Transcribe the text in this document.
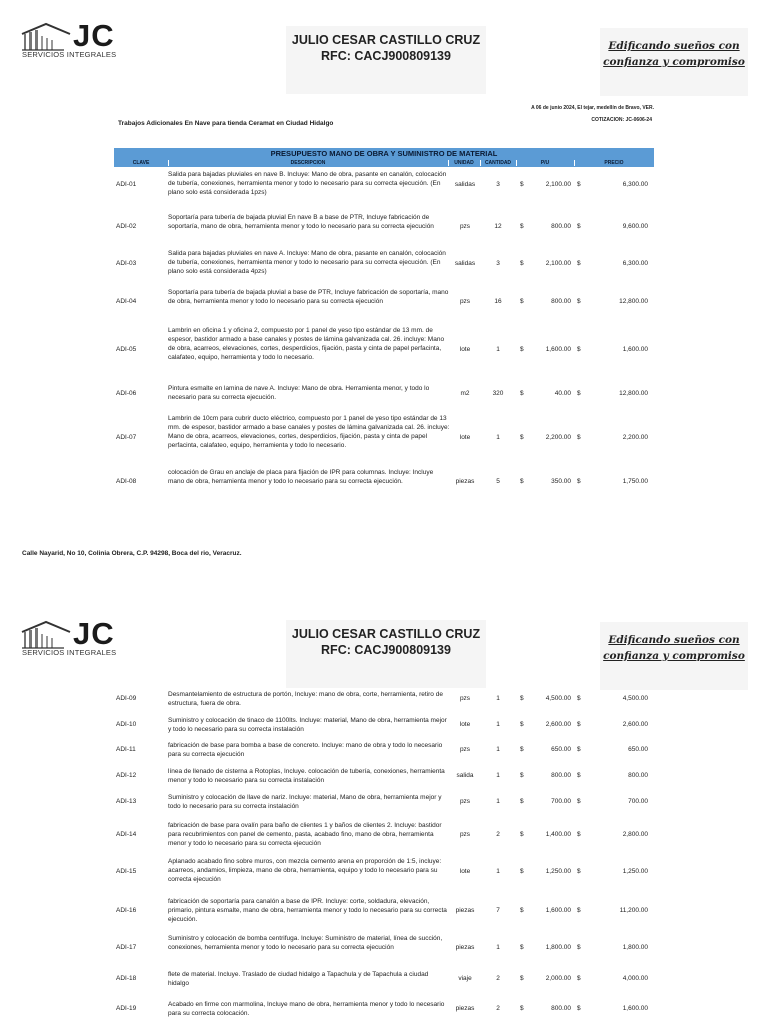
JC
SERVICIOS INTEGRALES
JULIO CESAR CASTILLO CRUZ
RFC: CACJ900809139
Edificando sueños con
confianza y compromiso
A 06 de junio 2024, El tejar, medellín de Bravo, VER.
COTIZACION: JC-0606-24
Trabajos Adicionales En Nave para tienda Ceramat en Ciudad Hidalgo
PRESUPUESTO MANO DE OBRA Y SUMINISTRO DE MATERIAL
CLAVE	DESCRIPCION	UNIDAD	CANTIDAD	P/U	PRECIO
ADI-01
Salida para bajadas pluviales en nave B. Incluye: Mano de obra, pasante en canalón, colocación de tubería, conexiones, herramienta menor y todo lo necesario para su correcta ejecución. (En plano solo está considerada 1pzs)
salidas	3	$	2,100.00 $	6,300.00
ADI-02
Soportaría para tubería de bajada pluvial En nave B a base de PTR, Incluye fabricación de soportaría, mano de obra, herramienta menor y todo lo necesario para su correcta ejecución	pzs	12	$	800.00 $	9,600.00
ADI-03
Salida para bajadas pluviales en nave A. Incluye: Mano de obra, pasante en canalón, colocación de tubería, conexiones, herramienta menor y todo lo necesario para su correcta ejecución. (En plano solo está considerada 4pzs)
salidas	3	$	2,100.00 $	6,300.00
ADI-04
Soportaría para tubería de bajada pluvial a base de PTR, Incluye fabricación de soportaría, mano de obra, herramienta menor y todo lo necesario para su correcta ejecución	pzs	16	$	800.00 $	12,800.00
ADI-05
Lambrin en oficina 1 y oficina 2, compuesto por 1 panel de yeso tipo estándar de 13 mm. de espesor, bastidor armado a base canales y postes de lámina galvanizada cal. 26. incluye: Mano de obra, acarreos, elevaciones, cortes, desperdicios, fijación, pasta y cinta de papel perfacinta, calafateo, equipo, herramienta y todo lo necesario.
lote	1	$	1,600.00 $	1,600.00
ADI-06
Pintura esmalte en lamina de nave A. Incluye: Mano de obra. Herramienta menor, y todo lo necesario para su correcta ejecución.
m2	320	$	40.00 $	12,800.00
ADI-07
Lambrin de 10cm para cubrir ducto eléctrico, compuesto por 1 panel de yeso tipo estándar de 13 mm. de espesor, bastidor armado a base canales y postes de lámina galvanizada cal. 26. incluye: Mano de obra, acarreos, elevaciones, cortes, desperdicios, fijación, pasta y cinta de papel perfacinta, calafateo, equipo, herramienta y todo lo necesario.
lote	1	$	2,200.00 $	2,200.00
ADI-08
colocación de Grau en anclaje de placa para fijación de IPR para columnas. Incluye: Incluye mano de obra, herramienta menor y todo lo necesario para su correcta ejecución.	piezas	5	$	350.00 $	1,750.00
Calle Nayarid, No 10, Colinia Obrera, C.P. 94298, Boca del rio, Veracruz.
JC
SERVICIOS INTEGRALES
JULIO CESAR CASTILLO CRUZ
RFC: CACJ900809139
Edificando sueños con
confianza y compromiso
ADI-09
Desmantelamiento de estructura de portón, Incluye: mano de obra, corte, herramienta, retiro de estructura, fuera de obra.
pzs	1	$	4,500.00 $	4,500.00
ADI-10
Suministro y colocación de tinaco de 1100lts. Incluye: material, Mano de obra, herramienta mejor y todo lo necesario para su correcta instalación
lote	1	$	2,600.00 $	2,600.00
ADI-11
fabricación de base para bomba a base de concreto. Incluye: mano de obra y todo lo necesario para su correcta ejecución
pzs	1	$	650.00 $	650.00
ADI-12
línea de llenado de cisterna a Rotoplas, Incluye. colocación de tubería, conexiones, herramienta menor y todo lo necesario para su correcta instalación
salida	1	$	800.00 $	800.00
ADI-13
Suministro y colocación de llave de nariz. Incluye: material, Mano de obra, herramienta mejor y todo lo necesario para su correcta instalación
pzs	1	$	700.00 $	700.00
ADI-14
fabricación de base para ovalín para baño de clientes 1 y baños de clientes 2. Incluye: bastidor para recubrimientos con panel de cemento, pasta, acabado fino, mano de obra, herramienta menor y todo lo necesario para su correcta ejecución
pzs	2	$	1,400.00 $	2,800.00
ADI-15
Aplanado acabado fino sobre muros, con mezcla cemento arena en proporción de 1:5, incluye: acarreos, andamios, limpieza, mano de obra, herramienta, equipo y todo lo necesario para su correcta ejecución
lote	1	$	1,250.00 $	1,250.00
ADI-16
fabricación de soportaría para canalón a base de IPR. Incluye: corte, soldadura, elevación, primario, pintura esmalte, mano de obra, herramienta menor y todo lo necesario para su correcta ejecución.
piezas	7	$	1,600.00 $	11,200.00
ADI-17
Suministro y colocación de bomba centrifuga. Incluye: Suministro de material, línea de succión, conexiones, herramienta menor y todo lo necesario para su correcta ejecución	piezas	1	$	1,800.00 $	1,800.00
ADI-18
flete de material. Incluye. Traslado de ciudad hidalgo a Tapachula y de Tapachula a ciudad hidalgo
viaje	2	$	2,000.00 $	4,000.00
ADI-19
Acabado en firme con marmolina, Incluye mano de obra, herramienta menor y todo lo necesario para su correcta colocación.
piezas	2	$	800.00 $	1,600.00
